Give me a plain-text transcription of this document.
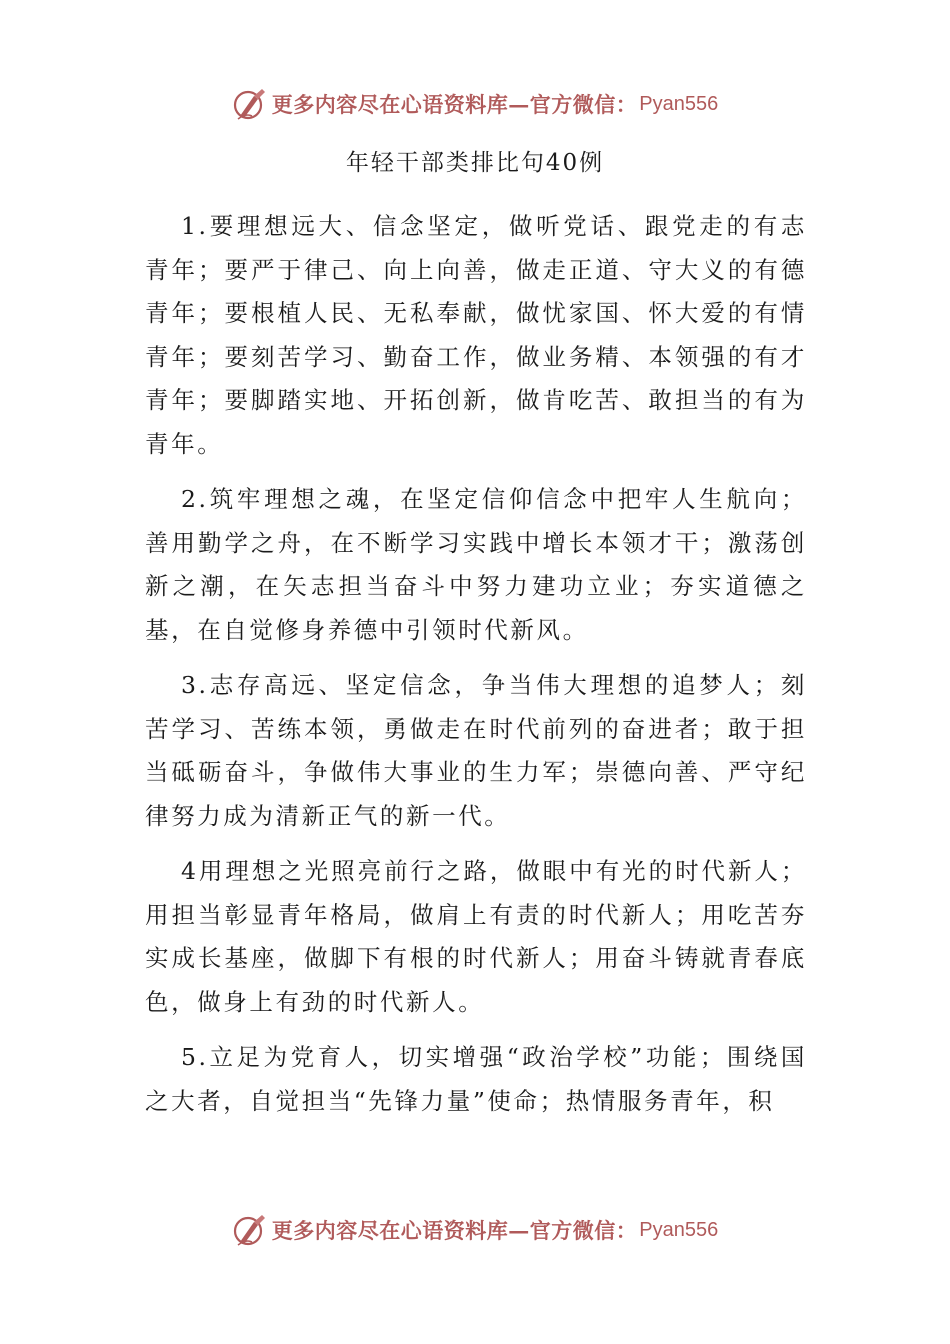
更多内容尽在心语资料库—官方微信： Pyan556
年轻干部类排比句40例

1.要理想远大、信念坚定，做听党话、跟党走的有志青年；要严于律己、向上向善，做走正道、守大义的有德青年；要根植人民、无私奉献，做忧家国、怀大爱的有情青年；要刻苦学习、勤奋工作，做业务精、本领强的有才青年；要脚踏实地、开拓创新，做肯吃苦、敢担当的有为青年。

2.筑牢理想之魂，在坚定信仰信念中把牢人生航向；善用勤学之舟，在不断学习实践中增长本领才干；激荡创新之潮，在矢志担当奋斗中努力建功立业；夯实道德之基，在自觉修身养德中引领时代新风。

3.志存高远、坚定信念，争当伟大理想的追梦人；刻苦学习、苦练本领，勇做走在时代前列的奋进者；敢于担当砥砺奋斗，争做伟大事业的生力军；崇德向善、严守纪律努力成为清新正气的新一代。

4用理想之光照亮前行之路，做眼中有光的时代新人；用担当彰显青年格局，做肩上有责的时代新人；用吃苦夯实成长基座，做脚下有根的时代新人；用奋斗铸就青春底色，做身上有劲的时代新人。

5.立足为党育人，切实增强“政治学校”功能；围绕国之大者，自觉担当“先锋力量”使命；热情服务青年，积

更多内容尽在心语资料库—官方微信： Pyan556
